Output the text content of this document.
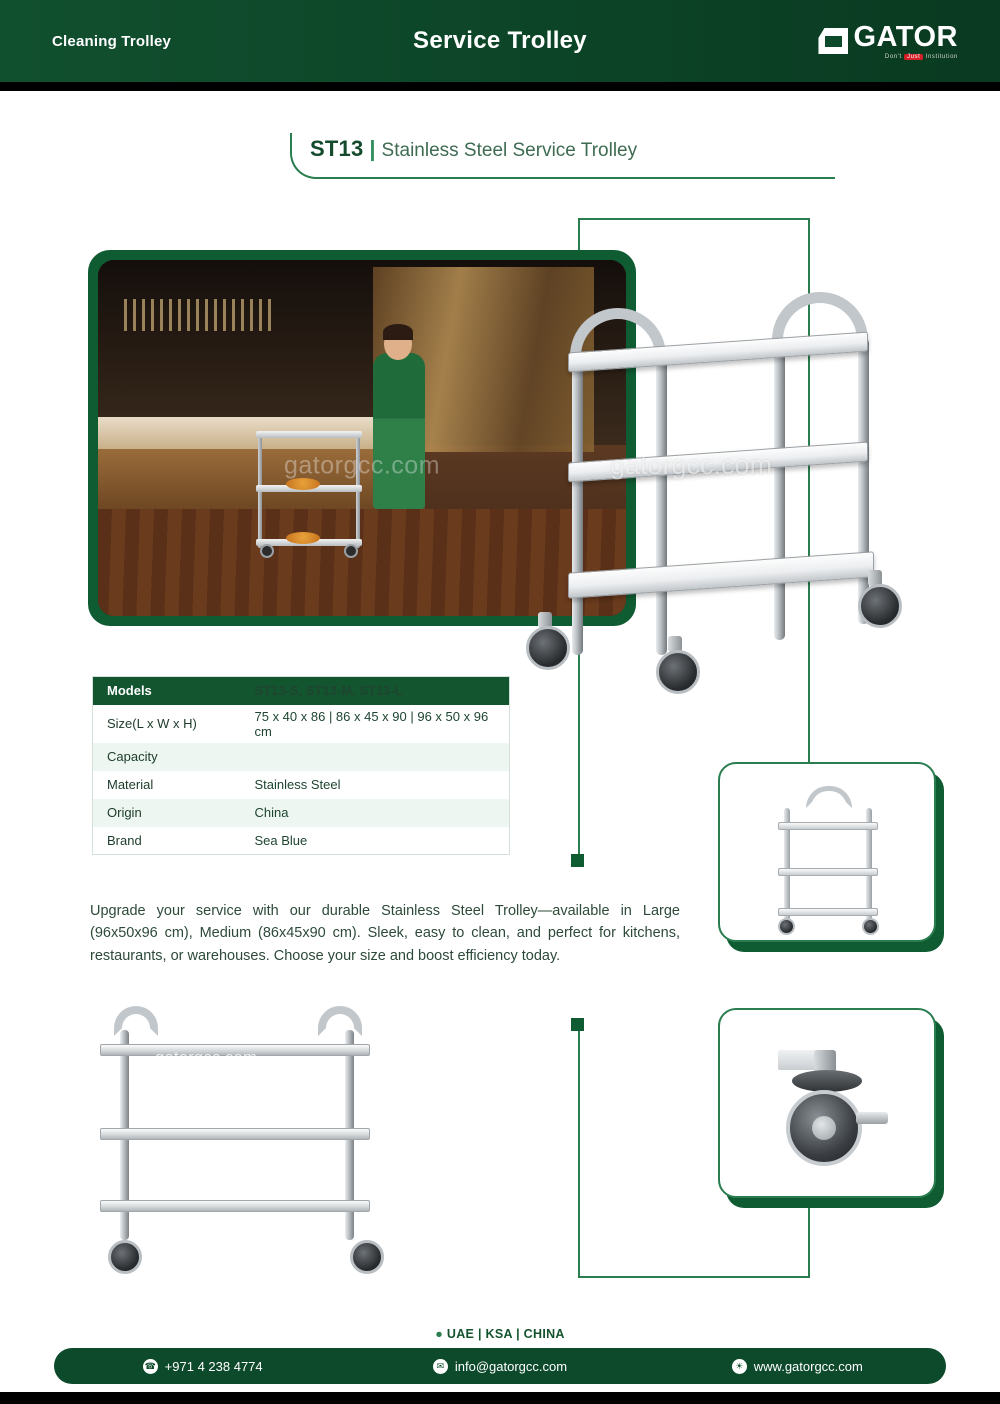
Cleaning Trolley	Service Trolley	GATOR
Don't Just Institution
ST13 | Stainless Steel Service Trolley
gatorgcc.com	gatorgcc.com
Models	ST13-S, ST13-M, ST13-L
Size(L x W x H)	75 x 40 x 86 | 86 x 45 x 90 | 96 x 50 x 96 cm
Capacity	
Material	Stainless Steel
Origin	China
Brand	Sea Blue
Upgrade your service with our durable Stainless Steel Trolley—available in Large (96x50x96 cm), Medium (86x45x90 cm). Sleek, easy to clean, and perfect for kitchens, restaurants, or warehouses. Choose your size and boost efficiency today.
gatorgcc.com
● UAE | KSA | CHINA
☎ +971 4 238 4774	✉ info@gatorgcc.com	☀ www.gatorgcc.com
